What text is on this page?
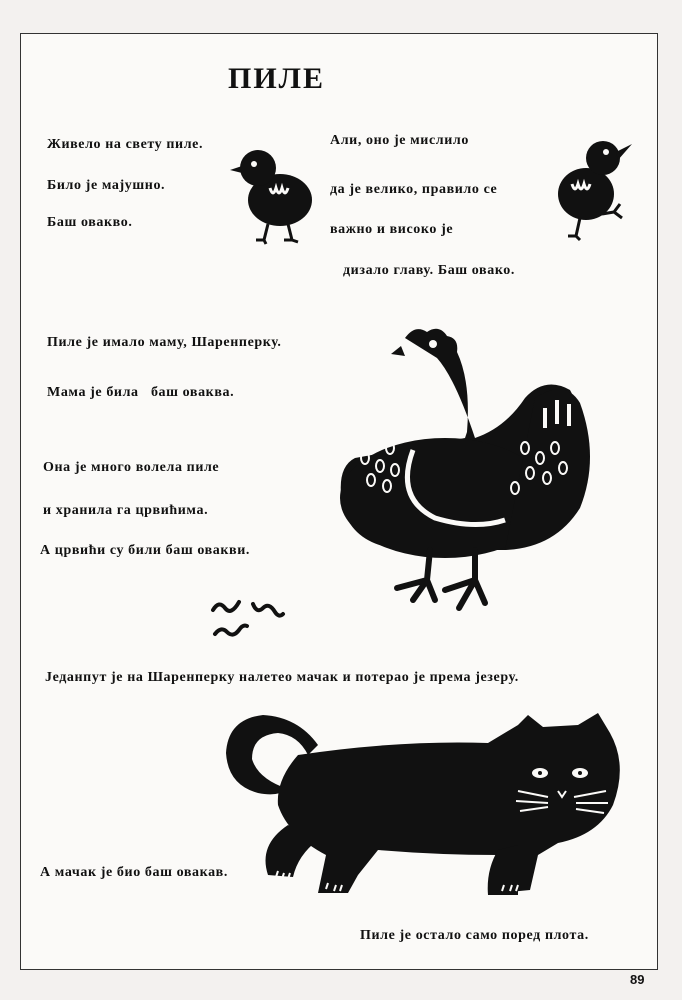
ПИЛЕ
Живело на свету пиле.
Било је мајушно.
Баш овакво.
Али, оно је мислило
да је велико, правило се
важно и високо је
дизало главу. Баш овако.
Пиле је имало маму, Шаренперку.
Мама је била   баш оваква.
Она је много волела пиле
и хранила га црвићима.
А црвићи су били баш овакви.
Једанпут је на Шаренперку налетео мачак и потерао је према језеру.
А мачак је био баш овакав.
Пиле је остало само поред плота.
89
